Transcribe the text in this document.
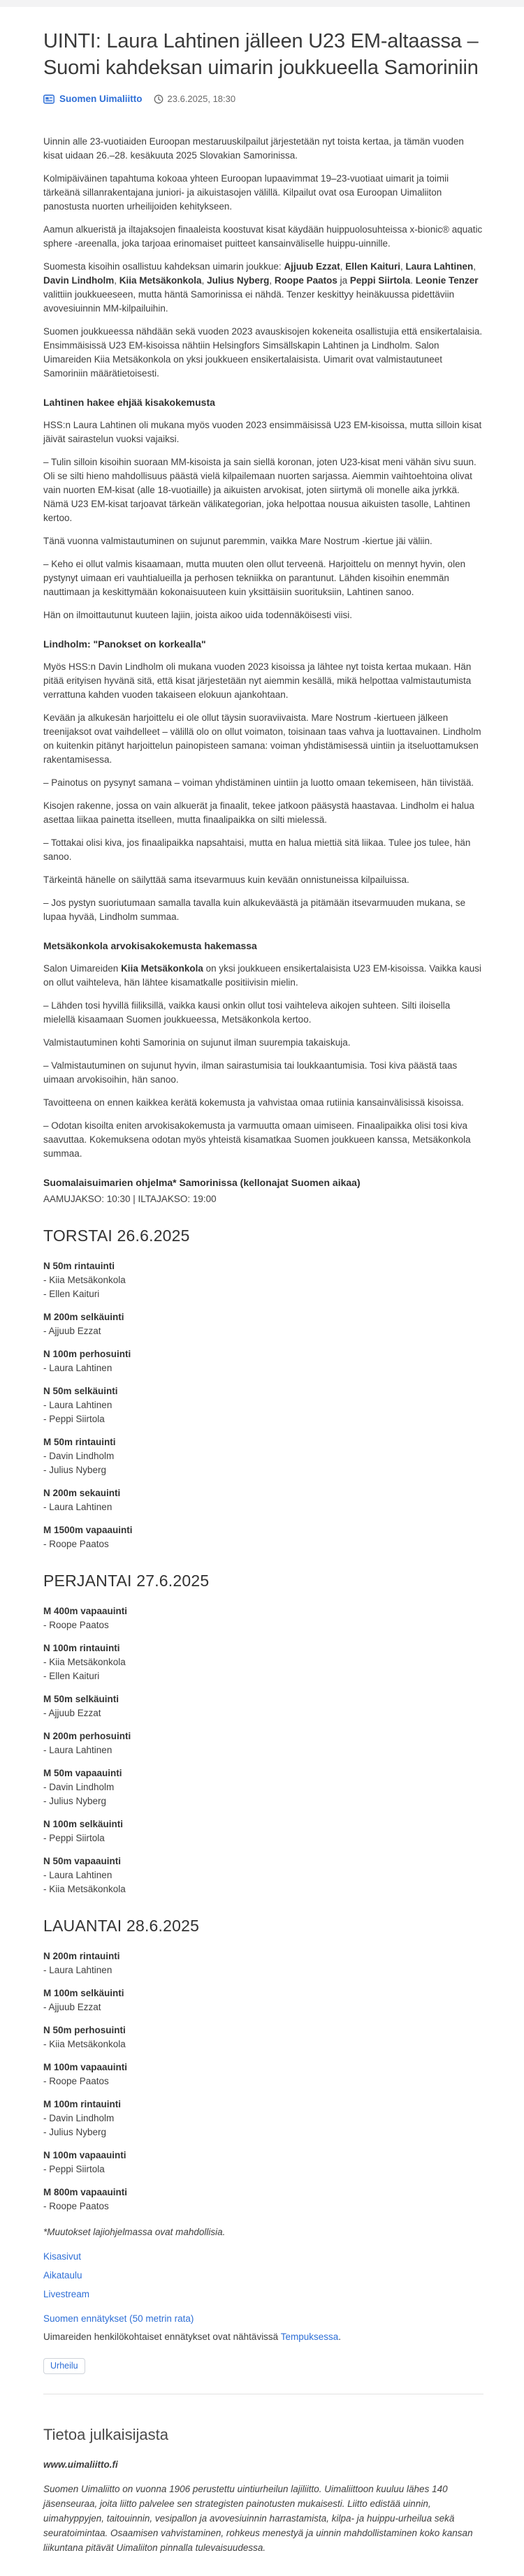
UINTI: Laura Lahtinen jälleen U23 EM-altaassa – Suomi kahdeksan uimarin joukkueella Samoriniin
Suomen Uimaliitto	23.6.2025, 18:30

Uinnin alle 23-vuotiaiden Euroopan mestaruuskilpailut järjestetään nyt toista kertaa, ja tämän vuoden kisat uidaan 26.–28. kesäkuuta 2025 Slovakian Samorinissa.

Kolmipäiväinen tapahtuma kokoaa yhteen Euroopan lupaavimmat 19–23-vuotiaat uimarit ja toimii tärkeänä sillanrakentajana juniori- ja aikuistasojen välillä. Kilpailut ovat osa Euroopan Uimaliiton panostusta nuorten urheilijoiden kehitykseen.

Aamun alkueristä ja iltajaksojen finaaleista koostuvat kisat käydään huippuolosuhteissa x-bionic® aquatic sphere -areenalla, joka tarjoaa erinomaiset puitteet kansainväliselle huippu-uinnille.

Suomesta kisoihin osallistuu kahdeksan uimarin joukkue: Ajjuub Ezzat, Ellen Kaituri, Laura Lahtinen, Davin Lindholm, Kiia Metsäkonkola, Julius Nyberg, Roope Paatos ja Peppi Siirtola. Leonie Tenzer valittiin joukkueeseen, mutta häntä Samorinissa ei nähdä. Tenzer keskittyy heinäkuussa pidettäviin avovesiuinnin MM-kilpailuihin.

Suomen joukkueessa nähdään sekä vuoden 2023 avauskisojen kokeneita osallistujia että ensikertalaisia. Ensimmäisissä U23 EM-kisoissa nähtiin Helsingfors Simsällskapin Lahtinen ja Lindholm. Salon Uimareiden Kiia Metsäkonkola on yksi joukkueen ensikertalaisista. Uimarit ovat valmistautuneet Samoriniin määrätietoisesti.

Lahtinen hakee ehjää kisakokemusta

HSS:n Laura Lahtinen oli mukana myös vuoden 2023 ensimmäisissä U23 EM-kisoissa, mutta silloin kisat jäivät sairastelun vuoksi vajaiksi.

– Tulin silloin kisoihin suoraan MM-kisoista ja sain siellä koronan, joten U23-kisat meni vähän sivu suun. Oli se silti hieno mahdollisuus päästä vielä kilpailemaan nuorten sarjassa. Aiemmin vaihtoehtoina olivat vain nuorten EM-kisat (alle 18-vuotiaille) ja aikuisten arvokisat, joten siirtymä oli monelle aika jyrkkä. Nämä U23 EM-kisat tarjoavat tärkeän välikategorian, joka helpottaa nousua aikuisten tasolle, Lahtinen kertoo.

Tänä vuonna valmistautuminen on sujunut paremmin, vaikka Mare Nostrum -kiertue jäi väliin.

– Keho ei ollut valmis kisaamaan, mutta muuten olen ollut terveenä. Harjoittelu on mennyt hyvin, olen pystynyt uimaan eri vauhtialueilla ja perhosen tekniikka on parantunut. Lähden kisoihin enemmän nauttimaan ja keskittymään kokonaisuuteen kuin yksittäisiin suorituksiin, Lahtinen sanoo.

Hän on ilmoittautunut kuuteen lajiin, joista aikoo uida todennäköisesti viisi.

Lindholm: "Panokset on korkealla"

Myös HSS:n Davin Lindholm oli mukana vuoden 2023 kisoissa ja lähtee nyt toista kertaa mukaan. Hän pitää erityisen hyvänä sitä, että kisat järjestetään nyt aiemmin kesällä, mikä helpottaa valmistautumista verrattuna kahden vuoden takaiseen elokuun ajankohtaan.

Kevään ja alkukesän harjoittelu ei ole ollut täysin suoraviivaista. Mare Nostrum -kiertueen jälkeen treenijaksot ovat vaihdelleet – välillä olo on ollut voimaton, toisinaan taas vahva ja luottavainen. Lindholm on kuitenkin pitänyt harjoittelun painopisteen samana: voiman yhdistämisessä uintiin ja itseluottamuksen rakentamisessa.

– Painotus on pysynyt samana – voiman yhdistäminen uintiin ja luotto omaan tekemiseen, hän tiivistää.

Kisojen rakenne, jossa on vain alkuerät ja finaalit, tekee jatkoon pääsystä haastavaa. Lindholm ei halua asettaa liikaa painetta itselleen, mutta finaalipaikka on silti mielessä.

– Tottakai olisi kiva, jos finaalipaikka napsahtaisi, mutta en halua miettiä sitä liikaa. Tulee jos tulee, hän sanoo.

Tärkeintä hänelle on säilyttää sama itsevarmuus kuin kevään onnistuneissa kilpailuissa.

– Jos pystyn suoriutumaan samalla tavalla kuin alkukeväästä ja pitämään itsevarmuuden mukana, se lupaa hyvää, Lindholm summaa.

Metsäkonkola arvokisakokemusta hakemassa

Salon Uimareiden Kiia Metsäkonkola on yksi joukkueen ensikertalaisista U23 EM-kisoissa. Vaikka kausi on ollut vaihteleva, hän lähtee kisamatkalle positiivisin mielin.

– Lähden tosi hyvillä fiiliksillä, vaikka kausi onkin ollut tosi vaihteleva aikojen suhteen. Silti iloisella mielellä kisaamaan Suomen joukkueessa, Metsäkonkola kertoo.

Valmistautuminen kohti Samorinia on sujunut ilman suurempia takaiskuja.

– Valmistautuminen on sujunut hyvin, ilman sairastumisia tai loukkaantumisia. Tosi kiva päästä taas uimaan arvokisoihin, hän sanoo.

Tavoitteena on ennen kaikkea kerätä kokemusta ja vahvistaa omaa rutiinia kansainvälisissä kisoissa.

– Odotan kisoilta eniten arvokisakokemusta ja varmuutta omaan uimiseen. Finaalipaikka olisi tosi kiva saavuttaa. Kokemuksena odotan myös yhteistä kisamatkaa Suomen joukkueen kanssa, Metsäkonkola summaa.

Suomalaisuimarien ohjelma* Samorinissa (kellonajat Suomen aikaa)

AAMUJAKSO: 10:30 | ILTAJAKSO: 19:00

TORSTAI 26.6.2025

N 50m rintauinti

- Kiia Metsäkonkola

- Ellen Kaituri

M 200m selkäuinti

- Ajjuub Ezzat

N 100m perhosuinti

- Laura Lahtinen

N 50m selkäuinti

- Laura Lahtinen

- Peppi Siirtola

M 50m rintauinti

- Davin Lindholm

- Julius Nyberg

N 200m sekauinti

- Laura Lahtinen

M 1500m vapaauinti

- Roope Paatos

PERJANTAI 27.6.2025

M 400m vapaauinti

- Roope Paatos

N 100m rintauinti

- Kiia Metsäkonkola

- Ellen Kaituri

M 50m selkäuinti

- Ajjuub Ezzat

N 200m perhosuinti

- Laura Lahtinen

M 50m vapaauinti

- Davin Lindholm

- Julius Nyberg

N 100m selkäuinti

- Peppi Siirtola

N 50m vapaauinti

- Laura Lahtinen

- Kiia Metsäkonkola

LAUANTAI 28.6.2025

N 200m rintauinti

- Laura Lahtinen

M 100m selkäuinti

- Ajjuub Ezzat

N 50m perhosuinti

- Kiia Metsäkonkola

M 100m vapaauinti

- Roope Paatos

M 100m rintauinti

- Davin Lindholm

- Julius Nyberg

N 100m vapaauinti

- Peppi Siirtola

M 800m vapaauinti

- Roope Paatos

*Muutokset lajiohjelmassa ovat mahdollisia.

Kisasivut
Aikataulu
Livestream
Suomen ennätykset (50 metrin rata)

Uimareiden henkilökohtaiset ennätykset ovat nähtävissä Tempuksessa.

Urheilu
Tietoa julkaisijasta

www.uimaliitto.fi

Suomen Uimaliitto on vuonna 1906 perustettu uintiurheilun lajiliitto. Uimaliittoon kuuluu lähes 140 jäsenseuraa, joita liitto palvelee sen strategisten painotusten mukaisesti. Liitto edistää uinnin, uimahyppyjen, taitouinnin, vesipallon ja avovesiuinnin harrastamista, kilpa- ja huippu-urheilua sekä seuratoimintaa. Osaamisen vahvistaminen, rohkeus menestyä ja uinnin mahdollistaminen koko kansan liikuntana pitävät Uimaliiton pinnalla tulevaisuudessa.
